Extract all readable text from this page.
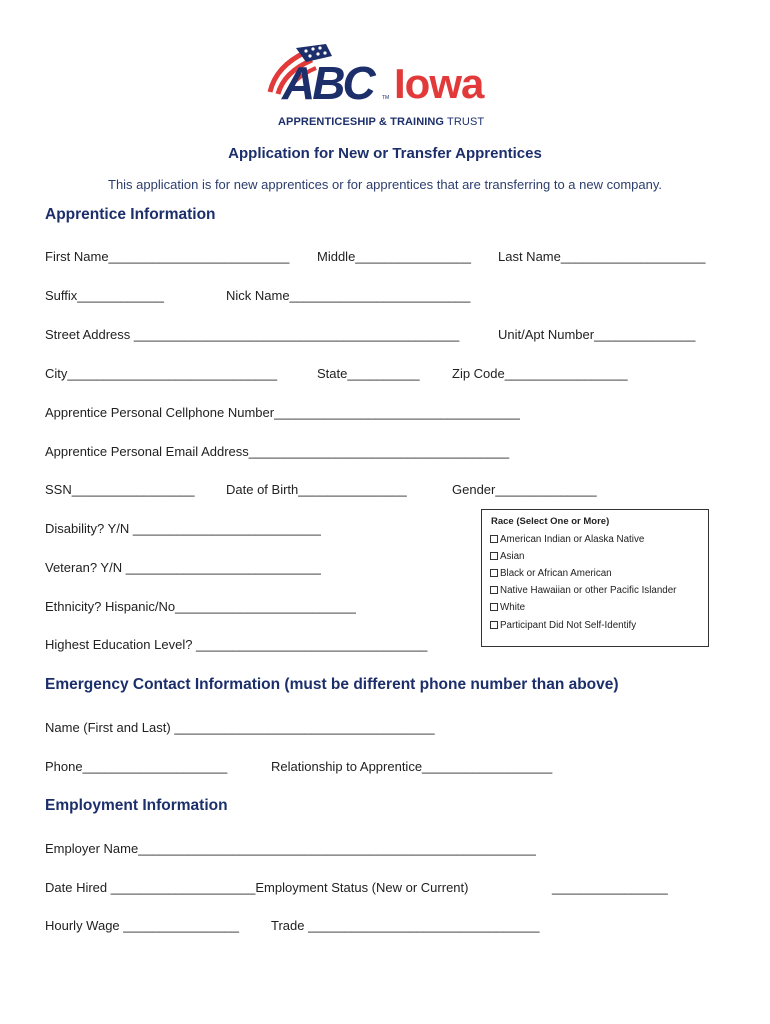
ABC TM Iowa
APPRENTICESHIP & TRAINING TRUST
Application for New or Transfer Apprentices
This application is for new apprentices or for apprentices that are transferring to a new company.
Apprentice Information
First Name_________________________ Middle________________ Last Name____________________
Suffix____________	Nick Name_________________________
Street Address _____________________________________________	Unit/Apt Number______________
City_____________________________	State__________ Zip Code_________________
Apprentice Personal Cellphone Number__________________________________
Apprentice Personal Email Address____________________________________
SSN_________________ Date of Birth_______________	Gender______________
Disability? Y/N __________________________
Veteran? Y/N ___________________________
Ethnicity? Hispanic/No_________________________
Highest Education Level? ________________________________
Race (Select One or More)
American Indian or Alaska Native
Asian
Black or African American
Native Hawaiian or other Pacific Islander
White
Participant Did Not Self-Identify
Emergency Contact Information (must be different phone number than above)
Name (First and Last) ____________________________________
Phone____________________	Relationship to Apprentice__________________
Employment Information
Employer Name_______________________________________________________
Date Hired ____________________Employment Status (New or Current)	________________
Hourly Wage ________________ Trade ________________________________
